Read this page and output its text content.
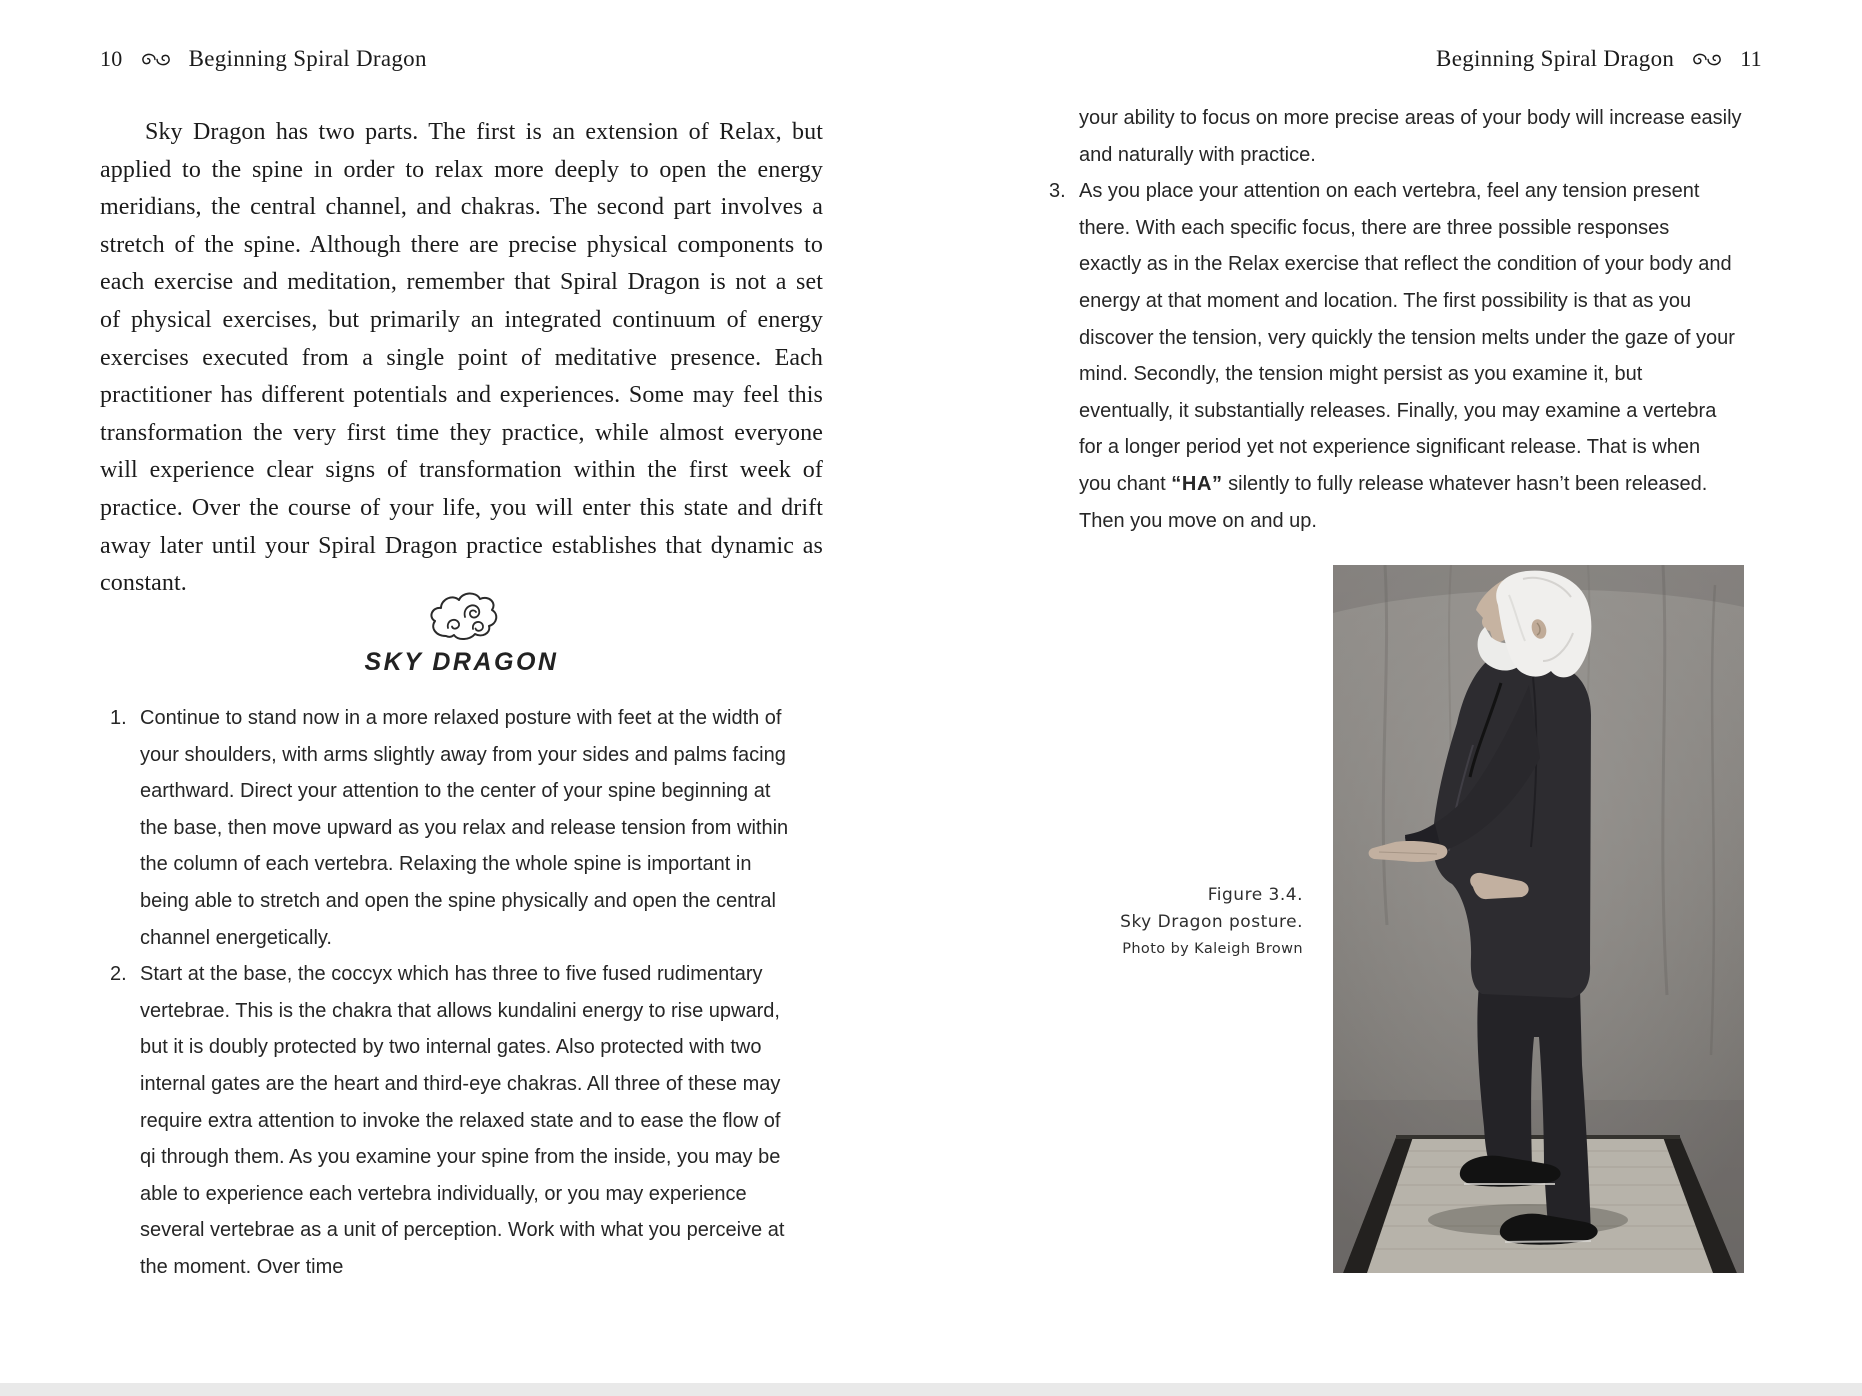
10	Beginning Spiral Dragon

Sky Dragon has two parts. The first is an extension of Relax, but applied to the spine in order to relax more deeply to open the energy meridians, the central channel, and chakras. The second part involves a stretch of the spine. Although there are precise physical components to each exercise and meditation, remember that Spiral Dragon is not a set of physical exercises, but primarily an integrated continuum of energy exercises executed from a single point of meditative presence. Each practitioner has different potentials and experiences. Some may feel this transformation the very first time they practice, while almost everyone will experience clear signs of transformation within the first week of practice. Over the course of your life, you will enter this state and drift away later until your Spiral Dragon practice establishes that dynamic as constant.

SKY DRAGON
1. Continue to stand now in a more relaxed posture with feet at the width of your shoulders, with arms slightly away from your sides and palms facing earthward. Direct your attention to the center of your spine beginning at the base, then move upward as you relax and release tension from within the column of each vertebra. Relaxing the whole spine is important in being able to stretch and open the spine physically and open the central channel energetically.
2. Start at the base, the coccyx which has three to five fused rudimentary vertebrae. This is the chakra that allows kundalini energy to rise upward, but it is doubly protected by two internal gates. Also protected with two internal gates are the heart and third-eye chakras. All three of these may require extra attention to invoke the relaxed state and to ease the flow of qi through them. As you examine your spine from the inside, you may be able to experience each vertebra individually, or you may experience several vertebrae as a unit of perception. Work with what you perceive at the moment. Over time
Beginning Spiral Dragon	11
your ability to focus on more precise areas of your body will increase easily and naturally with practice.
3. As you place your attention on each vertebra, feel any tension present there. With each specific focus, there are three possible responses exactly as in the Relax exercise that reflect the condition of your body and energy at that moment and location. The first possibility is that as you discover the tension, very quickly the tension melts under the gaze of your mind. Secondly, the tension might persist as you examine it, but eventually, it substantially releases. Finally, you may examine a vertebra for a longer period yet not experience significant release. That is when you chant “HA” silently to fully release whatever hasn’t been released. Then you move on and up.
Figure 3.4.
Sky Dragon posture.
Photo by Kaleigh Brown
